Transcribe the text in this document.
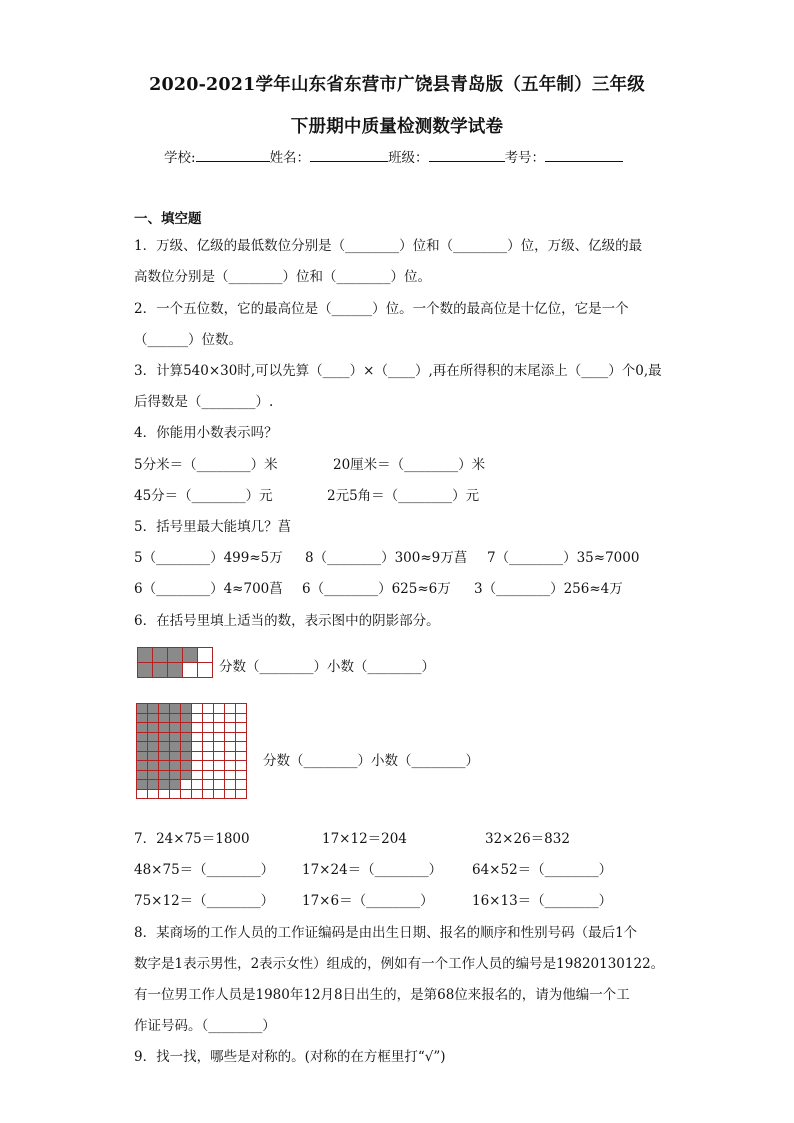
2020-2021学年山东省东营市广饶县青岛版（五年制）三年级
下册期中质量检测数学试卷
学校:	姓名：	班级：	考号：
一、填空题
1．万级、亿级的最低数位分别是（________）位和（________）位，万级、亿级的最
高数位分别是（________）位和（________）位。
2．一个五位数，它的最高位是（______）位。一个数的最高位是十亿位，它是一个
（______）位数。
3．计算540×30时,可以先算（____）×（____）,再在所得积的末尾添上（____）个0,最
后得数是（________）.
4．你能用小数表示吗？
5分米＝（________）米	20厘米＝（________）米
45分＝（________）元	2元5角＝（________）元
5．括号里最大能填几？菖
5（________）499≈5万 8（________）300≈9万菖 7（________）35≈7000
6（________）4≈700菖 6（________）625≈6万 3（________）256≈4万
6．在括号里填上适当的数，表示图中的阴影部分。

分数（________）小数（________）

分数（________）小数（________）
7．24×75＝1800	17×12＝204	32×26＝832
48×75＝（________） 17×24＝（________） 64×52＝（________）
75×12＝（________） 17×6＝（________）	16×13＝（________）
8．某商场的工作人员的工作证编码是由出生日期、报名的顺序和性别号码（最后1个
数字是1表示男性，2表示女性）组成的，例如有一个工作人员的编号是19820130122。
有一位男工作人员是1980年12月8日出生的，是第68位来报名的，请为他编一个工
作证号码。（________）
9．找一找，哪些是对称的。(对称的在方框里打“√”)
